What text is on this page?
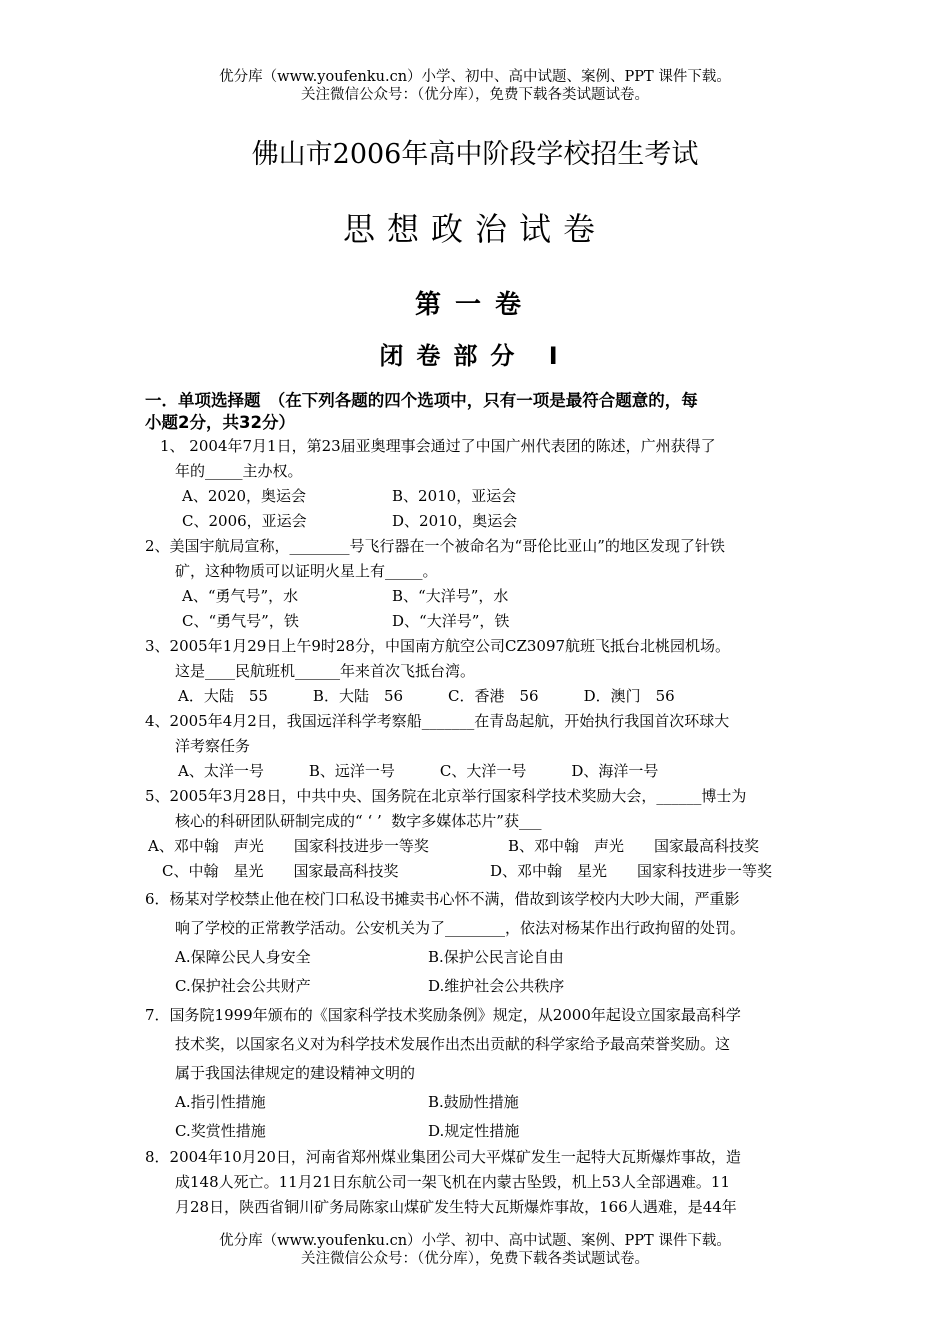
优分库（www.youfenku.cn）小学、初中、高中试题、案例、PPT 课件下载。
关注微信公众号：（优分库），免费下载各类试题试卷。
佛山市2006年高中阶段学校招生考试
思想政治试卷
第一卷
闭卷部分 Ⅰ
一．单项选择题　（在下列各题的四个选项中，只有一项是最符合题意的，每
小题2分，共32分）
1、 2004年7月1日，第23届亚奥理事会通过了中国广州代表团的陈述，广州获得了
年的_____主办权。
A、2020，奥运会	B、2010，亚运会
C、2006，亚运会	D、2010，奥运会
2、美国宇航局宣称，________号飞行器在一个被命名为“哥伦比亚山”的地区发现了针铁
矿，这种物质可以证明火星上有_____。
A、“勇气号”，水	B、“大洋号”，水
C、“勇气号”，铁	D、“大洋号”，铁
3、2005年1月29日上午9时28分，中国南方航空公司CZ3097航班飞抵台北桃园机场。
这是____民航班机______年来首次飞抵台湾。
A．大陆　55　　　B．大陆　56　　　C．香港　56　　　D．澳门　56
4、2005年4月2日，我国远洋科学考察船_______在青岛起航，开始执行我国首次环球大
洋考察任务
A、太洋一号　　　B、远洋一号　　　C、大洋一号　　　D、海洋一号
5、2005年3月28日，中共中央、国务院在北京举行国家科学技术奖励大会，______博士为
核心的科研团队研制完成的“ ‘ ’  数字多媒体芯片”获___
A、邓中翰　声光　　国家科技进步一等奖	B、邓中翰　声光　　国家最高科技奖
C、中翰　星光　　国家最高科技奖	D、邓中翰　星光　　国家科技进步一等奖
6．杨某对学校禁止他在校门口私设书摊卖书心怀不满，借故到该学校内大吵大闹，严重影
响了学校的正常教学活动。公安机关为了________，依法对杨某作出行政拘留的处罚。
A.保障公民人身安全	B.保护公民言论自由
C.保护社会公共财产	D.维护社会公共秩序
7．国务院1999年颁布的《国家科学技术奖励条例》规定，从2000年起设立国家最高科学
技术奖，以国家名义对为科学技术发展作出杰出贡献的科学家给予最高荣誉奖励。这
属于我国法律规定的建设精神文明的
A.指引性措施	B.鼓励性措施
C.奖赏性措施	D.规定性措施
8．2004年10月20日，河南省郑州煤业集团公司大平煤矿发生一起特大瓦斯爆炸事故，造
成148人死亡。11月21日东航公司一架飞机在内蒙古坠毁，机上53人全部遇难。11
月28日，陕西省铜川矿务局陈家山煤矿发生特大瓦斯爆炸事故，166人遇难，是44年
优分库（www.youfenku.cn）小学、初中、高中试题、案例、PPT 课件下载。
关注微信公众号：（优分库），免费下载各类试题试卷。
